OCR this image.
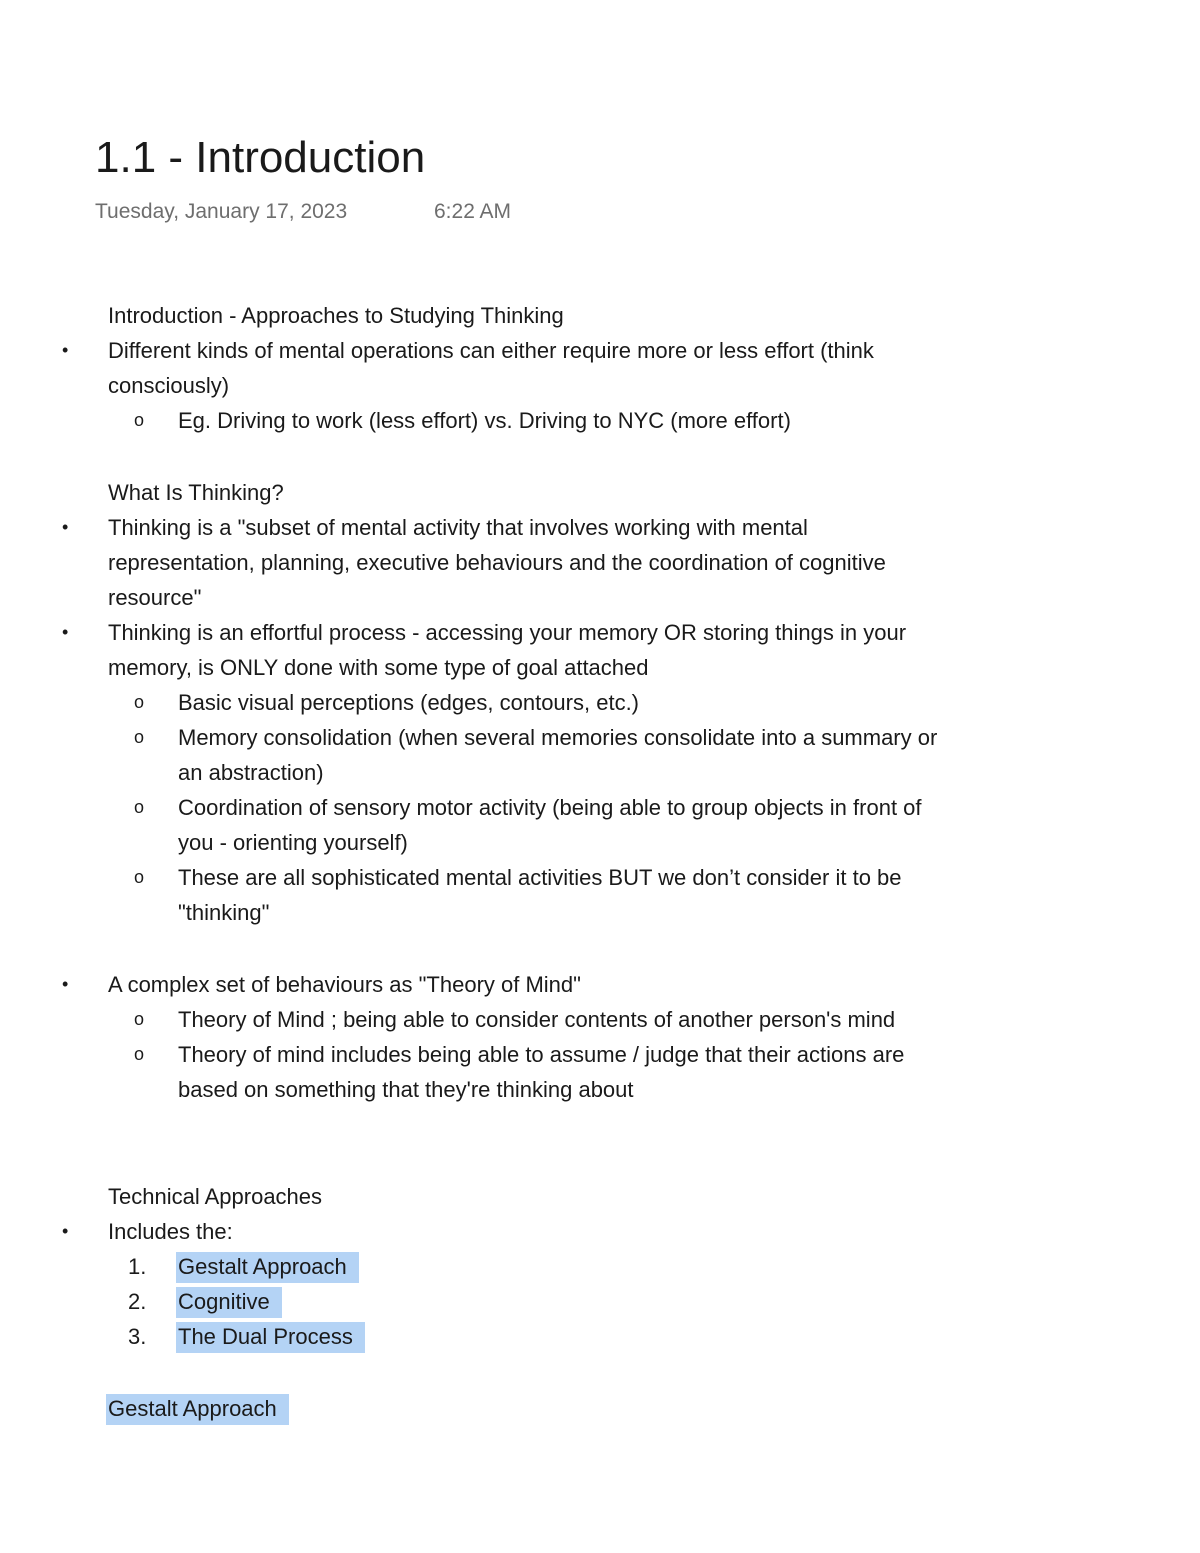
1.1 - Introduction
Tuesday, January 17, 2023	6:22 AM
Introduction - Approaches to Studying Thinking
• Different kinds of mental operations can either require more or less effort (think
consciously)
o Eg. Driving to work (less effort) vs. Driving to NYC (more effort)
What Is Thinking?
• Thinking is a "subset of mental activity that involves working with mental
representation, planning, executive behaviours and the coordination of cognitive
resource"
• Thinking is an effortful process - accessing your memory OR storing things in your
memory, is ONLY done with some type of goal attached
o Basic visual perceptions (edges, contours, etc.)
o Memory consolidation (when several memories consolidate into a summary or
an abstraction)
o Coordination of sensory motor activity (being able to group objects in front of
you - orienting yourself)
o These are all sophisticated mental activities BUT we don’t consider it to be
"thinking"
• A complex set of behaviours as "Theory of Mind"
o Theory of Mind ; being able to consider contents of another person's mind
o Theory of mind includes being able to assume / judge that their actions are
based on something that they're thinking about
Technical Approaches
• Includes the:
1. Gestalt Approach
2. Cognitive
3. The Dual Process
Gestalt Approach
